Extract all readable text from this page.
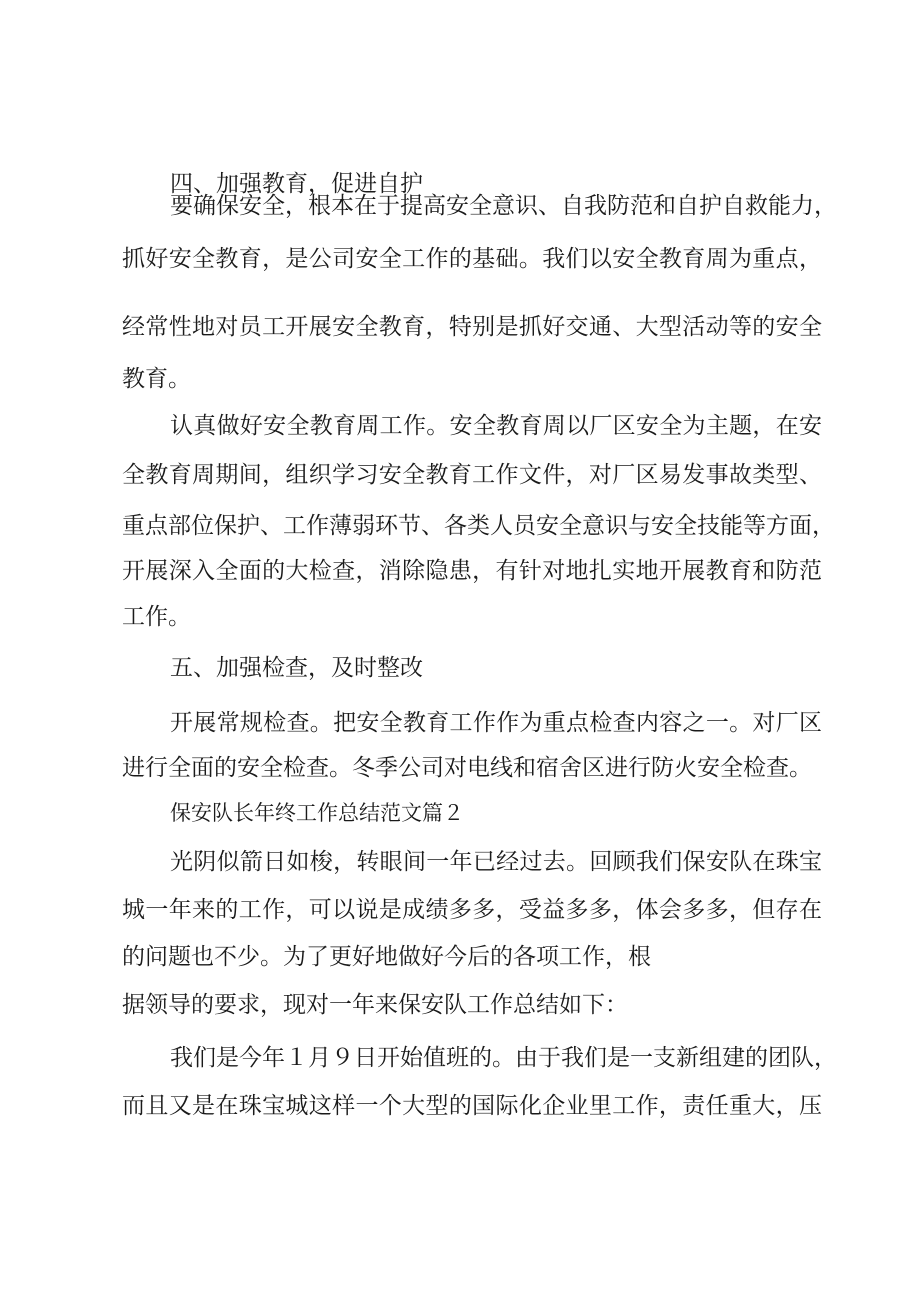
四、加强教育，促进自护
要确保安全，根本在于提高安全意识、自我防范和自护自救能力，
抓好安全教育，是公司安全工作的基础。我们以安全教育周为重点，
经常性地对员工开展安全教育，特别是抓好交通、大型活动等的安全
教育。
认真做好安全教育周工作。安全教育周以厂区安全为主题，在安
全教育周期间，组织学习安全教育工作文件，对厂区易发事故类型、
重点部位保护、工作薄弱环节、各类人员安全意识与安全技能等方面，
开展深入全面的大检查，消除隐患，有针对地扎实地开展教育和防范
工作。
五、加强检查，及时整改
开展常规检查。把安全教育工作作为重点检查内容之一。对厂区
进行全面的安全检查。冬季公司对电线和宿舍区进行防火安全检查。
保安队长年终工作总结范文篇２
光阴似箭日如梭，转眼间一年已经过去。回顾我们保安队在珠宝
城一年来的工作，可以说是成绩多多，受益多多，体会多多，但存在
的问题也不少。为了更好地做好今后的各项工作，根
据领导的要求，现对一年来保安队工作总结如下：
我们是今年１月９日开始值班的。由于我们是一支新组建的团队，
而且又是在珠宝城这样一个大型的国际化企业里工作，责任重大，压
